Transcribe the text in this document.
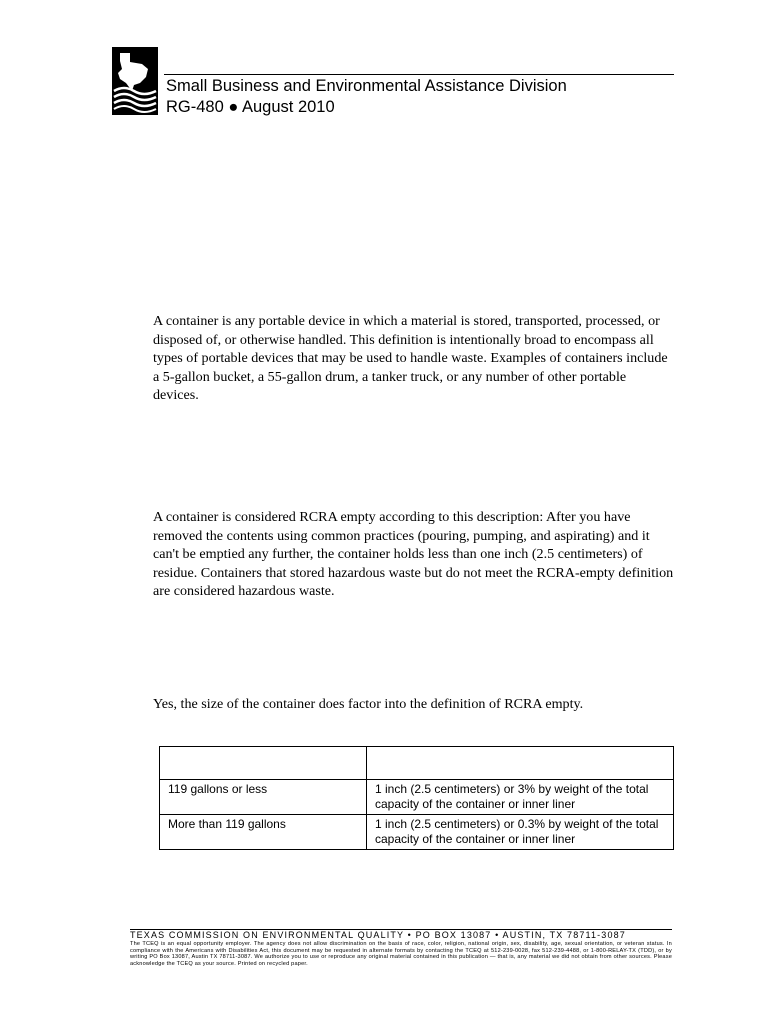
Small Business and Environmental Assistance Division
RG-480 ● August 2010
A container is any portable device in which a material is stored, transported, processed, or disposed of, or otherwise handled. This definition is intentionally broad to encompass all types of portable devices that may be used to handle waste. Examples of containers include a 5-gallon bucket, a 55-gallon drum, a tanker truck, or any number of other portable devices.
A container is considered RCRA empty according to this description: After you have removed the contents using common practices (pouring, pumping, and aspirating) and it can't be emptied any further, the container holds less than one inch (2.5 centimeters) of residue. Containers that stored hazardous waste but do not meet the RCRA-empty definition are considered hazardous waste.
Yes, the size of the container does factor into the definition of RCRA empty.

119 gallons or less	1 inch (2.5 centimeters) or 3% by weight of the total capacity of the container or inner liner
More than 119 gallons	1 inch (2.5 centimeters) or 0.3% by weight of the total capacity of the container or inner liner
TEXAS COMMISSION ON ENVIRONMENTAL QUALITY • PO BOX 13087 • AUSTIN, TX 78711-3087
The TCEQ is an equal opportunity employer. The agency does not allow discrimination on the basis of race, color, religion, national origin, sex, disability, age, sexual orientation, or veteran status. In compliance with the Americans with Disabilities Act, this document may be requested in alternate formats by contacting the TCEQ at 512-239-0028, fax 512-239-4488, or 1-800-RELAY-TX (TDD), or by writing PO Box 13087, Austin TX 78711-3087. We authorize you to use or reproduce any original material contained in this publication — that is, any material we did not obtain from other sources. Please acknowledge the TCEQ as your source. Printed on recycled paper.
